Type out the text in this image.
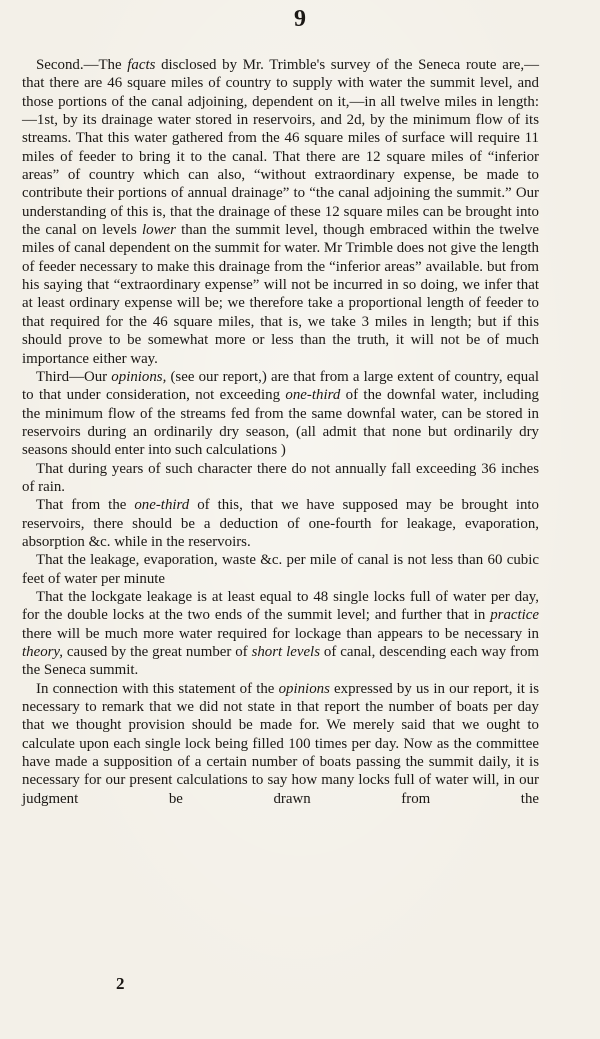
9

Second.—The facts disclosed by Mr. Trimble's survey of the Seneca route are,—that there are 46 square miles of country to supply with water the summit level, and those portions of the canal adjoining, dependent on it,—in all twelve miles in length:—1st, by its drainage water stored in reservoirs, and 2d, by the minimum flow of its streams. That this water gathered from the 46 square miles of surface will require 11 miles of feeder to bring it to the canal. That there are 12 square miles of “inferior areas” of country which can also, “without extraordinary expense, be made to contribute their portions of annual drainage” to “the canal adjoining the summit.” Our understanding of this is, that the drainage of these 12 square miles can be brought into the canal on levels lower than the summit level, though embraced within the twelve miles of canal dependent on the summit for water. Mr Trimble does not give the length of feeder necessary to make this drainage from the “inferior areas” available. but from his saying that “extraordinary expense” will not be incurred in so doing, we infer that at least ordinary expense will be; we therefore take a proportional length of feeder to that required for the 46 square miles, that is, we take 3 miles in length; but if this should prove to be somewhat more or less than the truth, it will not be of much importance either way.

Third—Our opinions, (see our report,) are that from a large extent of country, equal to that under consideration, not exceeding one-third of the downfal water, including the minimum flow of the streams fed from the same downfal water, can be stored in reservoirs during an ordinarily dry season, (all admit that none but ordinarily dry seasons should enter into such calculations )

That during years of such character there do not annually fall exceeding 36 inches of rain.

That from the one-third of this, that we have supposed may be brought into reservoirs, there should be a deduction of one-fourth for leakage, evaporation, absorption &c. while in the reservoirs.

That the leakage, evaporation, waste &c. per mile of canal is not less than 60 cubic feet of water per minute

That the lockgate leakage is at least equal to 48 single locks full of water per day, for the double locks at the two ends of the summit level; and further that in practice there will be much more water required for lockage than appears to be necessary in theory, caused by the great number of short levels of canal, descending each way from the Seneca summit.

In connection with this statement of the opinions expressed by us in our report, it is necessary to remark that we did not state in that report the number of boats per day that we thought provision should be made for. We merely said that we ought to calculate upon each single lock being filled 100 times per day. Now as the committee have made a supposition of a certain number of boats passing the summit daily, it is necessary for our present calculations to say how many locks full of water will, in our judgment be drawn from the

2
